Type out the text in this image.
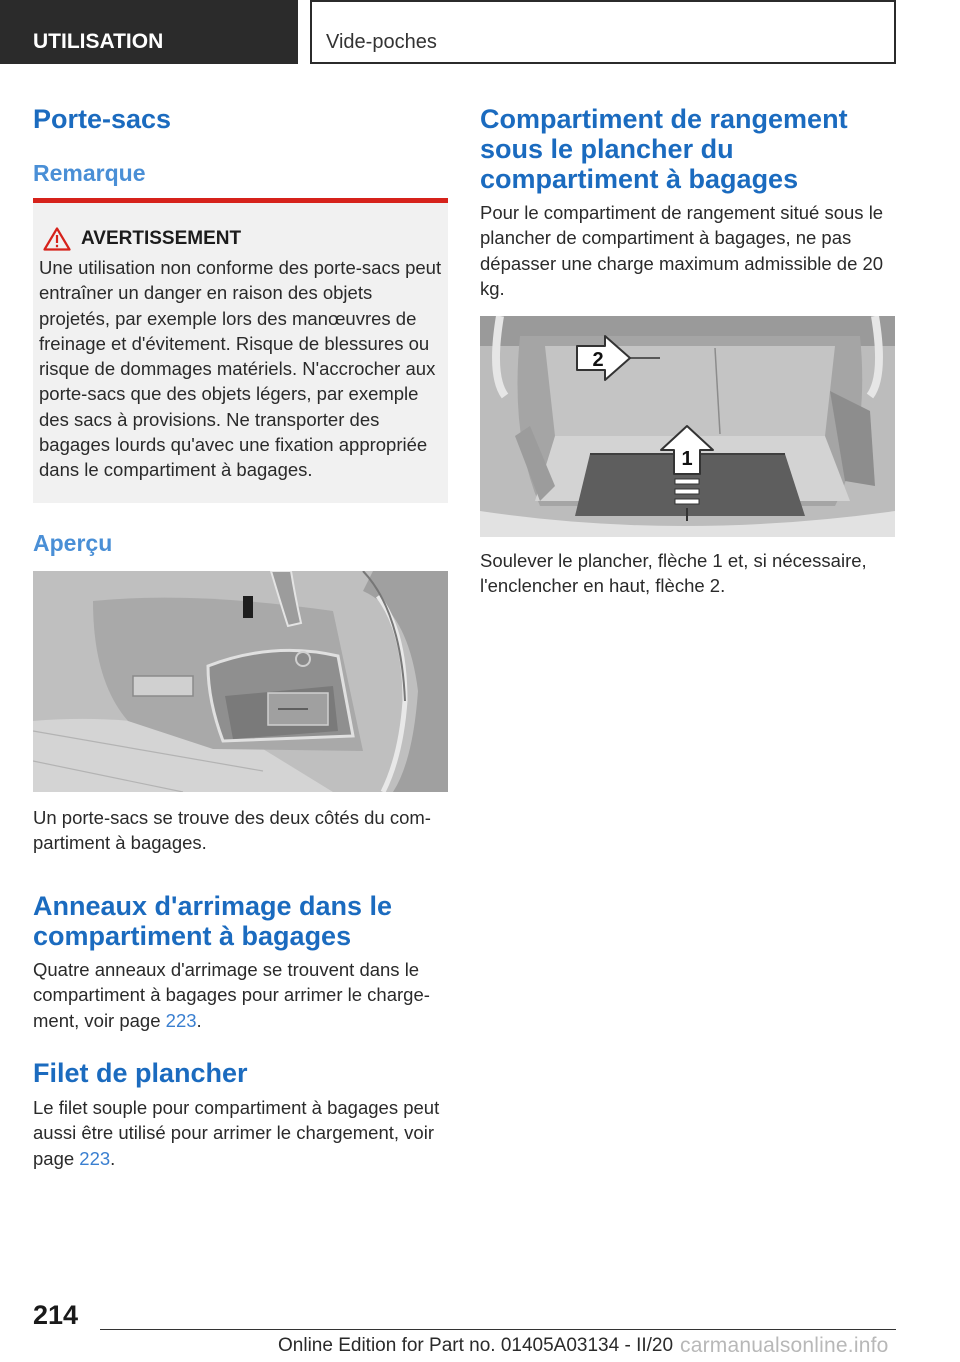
UTILISATION	Vide-poches
Porte-sacs
Remarque
AVERTISSEMENT
Une utilisation non conforme des porte-sacs peut entraîner un danger en raison des objets projetés, par exemple lors des manœuvres de freinage et d'évitement. Risque de blessures ou risque de dommages matériels. N'accrocher aux porte-sacs que des objets légers, par exemple des sacs à provisions. Ne transporter des bagages lourds qu'avec une fixation appropriée dans le compartiment à bagages.
Aperçu

Un porte-sacs se trouve des deux côtés du compartiment à bagages.

Anneaux d'arrimage dans le compartiment à bagages

Quatre anneaux d'arrimage se trouvent dans le compartiment à bagages pour arrimer le chargement, voir page 223.

Filet de plancher

Le filet souple pour compartiment à bagages peut aussi être utilisé pour arrimer le chargement, voir page 223.

Compartiment de rangement sous le plancher du compartiment à bagages

Pour le compartiment de rangement situé sous le plancher de compartiment à bagages, ne pas dépasser une charge maximum admissible de 20 kg.

1
2

Soulever le plancher, flèche 1 et, si nécessaire, l'enclencher en haut, flèche 2.

214
Online Edition for Part no. 01405A03134 - II/20 carmanualsonline.info
